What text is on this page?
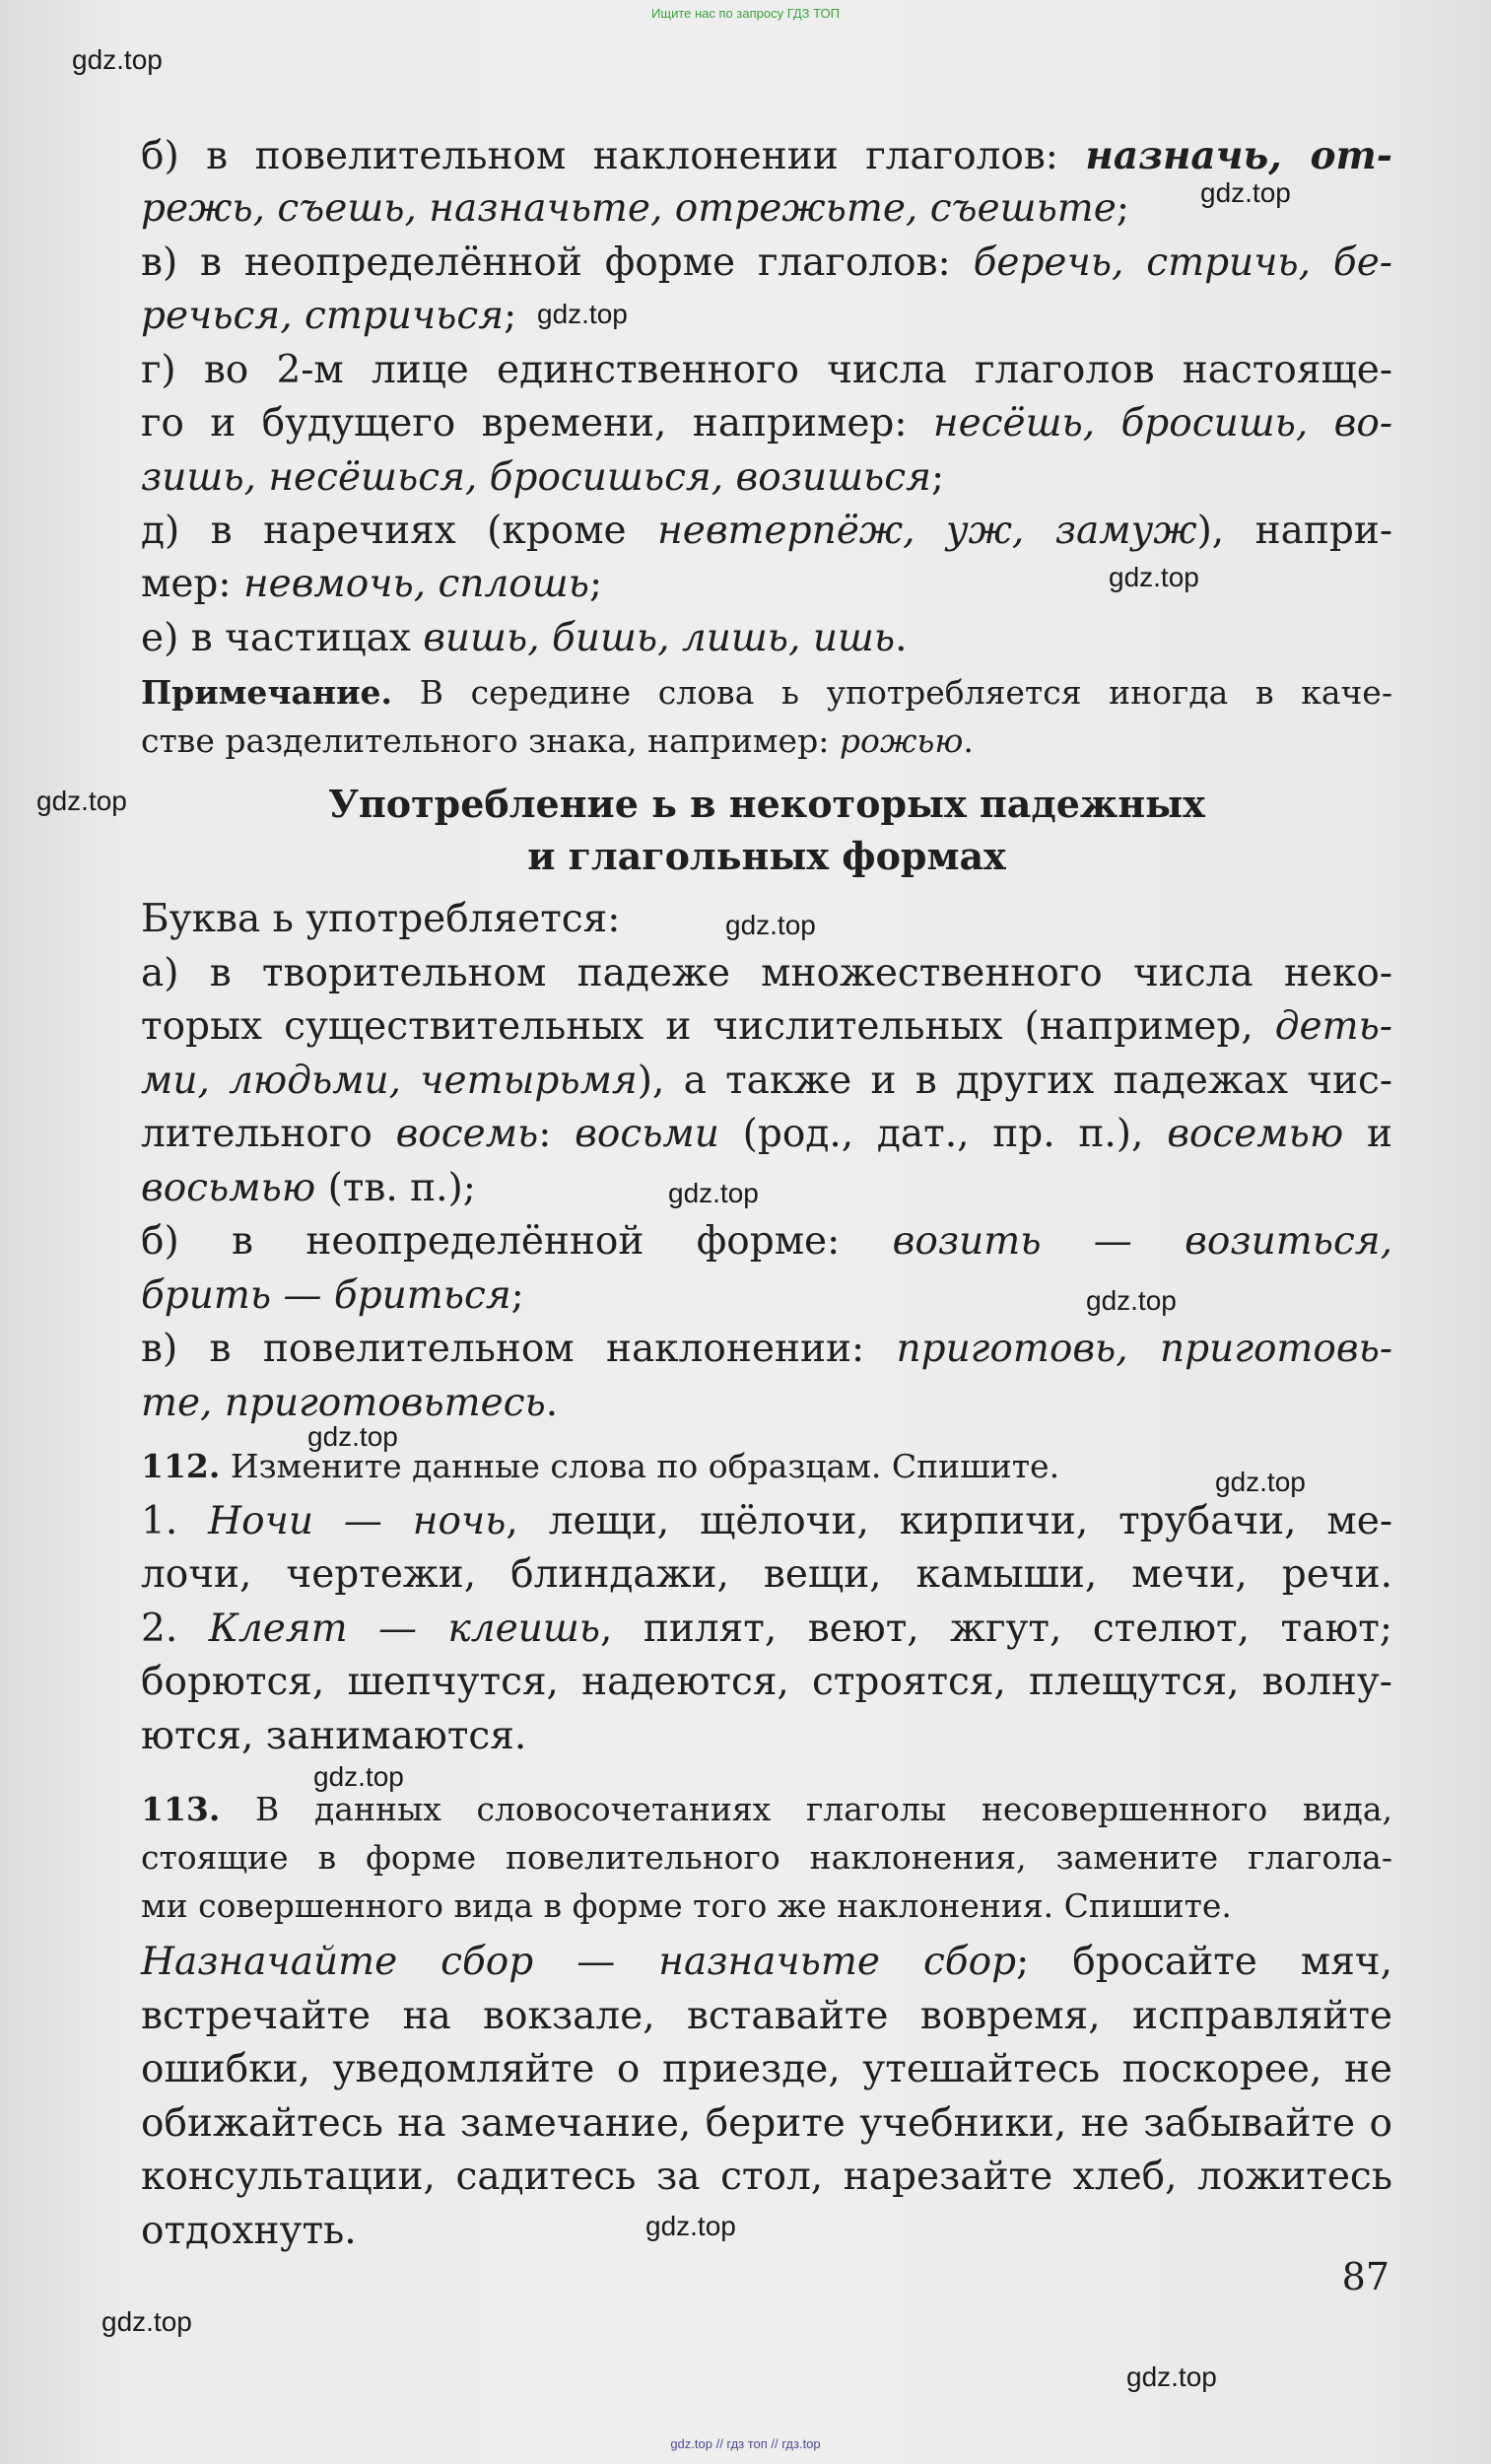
Ищите нас по запросу ГДЗ ТОП
gdz.top
gdz.top
gdz.top
gdz.top
gdz.top
gdz.top
gdz.top
gdz.top
gdz.top
gdz.top
gdz.top
gdz.top
gdz.top
gdz.top
б) в повелительном наклонении глаголов: назначь, от-
режь, съешь, назначьте, отрежьте, съешьте;
в) в неопределённой форме глаголов: беречь, стричь, бе-
речься, стричься;
г) во 2-м лице единственного числа глаголов настояще-
го и будущего времени, например: несёшь, бросишь, во-
зишь, несёшься, бросишься, возишься;
д) в наречиях (кроме невтерпёж, уж, замуж), напри-
мер: невмочь, сплошь;
е) в частицах вишь, бишь, лишь, ишь.
Примечание. В середине слова ь употребляется иногда в каче-
стве разделительного знака, например: рожью.
Употребление ь в некоторых падежных
и глагольных формах
Буква ь употребляется:
а) в творительном падеже множественного числа неко-
торых существительных и числительных (например, деть-
ми, людьми, четырьмя), а также и в других падежах чис-
лительного восемь: восьми (род., дат., пр. п.), восемью и
восьмью (тв. п.);
б) в неопределённой форме: возить — возиться,
брить — бриться;
в) в повелительном наклонении: приготовь, приготовь-
те, приготовьтесь.
112. Измените данные слова по образцам. Спишите.
1. Ночи — ночь, лещи, щёлочи, кирпичи, трубачи, ме-
лочи, чертежи, блиндажи, вещи, камыши, мечи, речи.
2. Клеят — клеишь, пилят, веют, жгут, стелют, тают;
борются, шепчутся, надеются, строятся, плещутся, волну-
ются, занимаются.
113. В данных словосочетаниях глаголы несовершенного вида,
стоящие в форме повелительного наклонения, замените глагола-
ми совершенного вида в форме того же наклонения. Спишите.
Назначайте сбор — назначьте сбор; бросайте мяч,
встречайте на вокзале, вставайте вовремя, исправляйте
ошибки, уведомляйте о приезде, утешайтесь поскорее, не
обижайтесь на замечание, берите учебники, не забывайте о
консультации, садитесь за стол, нарезайте хлеб, ложитесь
отдохнуть.
87
gdz.top // гдз топ // гдз.top
